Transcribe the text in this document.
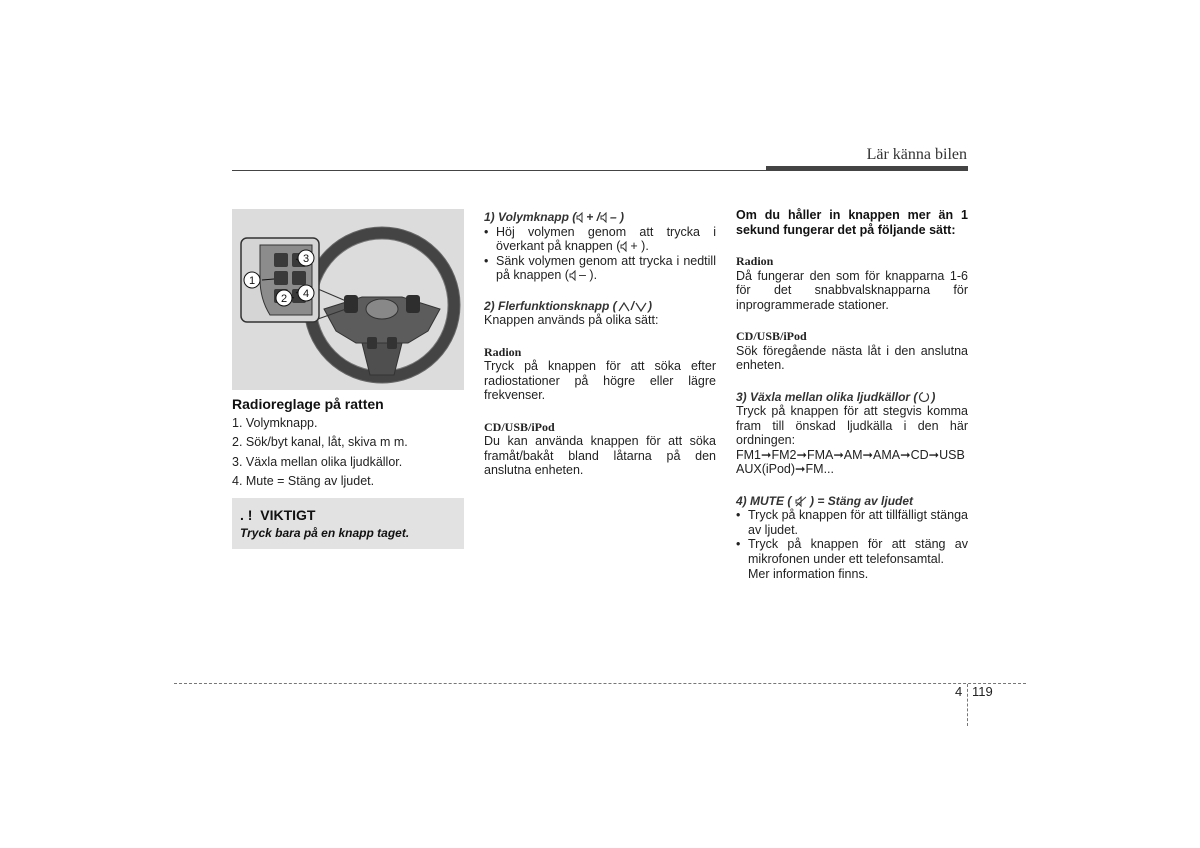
Lär känna bilen
1
2
3
4
Radioreglage på ratten
1. Volymknapp.
2. Sök/byt kanal, låt, skiva m m.
3. Växla mellan olika ljudkällor.
4. Mute = Stäng av ljudet.
. ! VIKTIGT
Tryck bara på en knapp taget.
1) Volymknapp ( + / – )
• Höj volymen genom att trycka i överkant på knappen ( + ).
• Sänk volymen genom att trycka i nedtill på knappen ( – ).
2) Flerfunktionsknapp ( / )
Knappen används på olika sätt:
Radion
Tryck på knappen för att söka efter radiostationer på högre eller lägre frekvenser.
CD/USB/iPod
Du kan använda knappen för att söka framåt/bakåt bland låtarna på den anslutna enheten.
Om du håller in knappen mer än 1 sekund fungerar det på följande sätt:
Radion
Då fungerar den som för knapparna 1-6 för det snabbvalsknapparna för inprogrammerade stationer.
CD/USB/iPod
Sök föregående nästa låt i den anslutna enheten.
3) Växla mellan olika ljudkällor ( )
Tryck på knappen för att stegvis komma fram till önskad ljudkälla i den här ordningen:
FM1➞FM2➞FMA➞AM➞AMA➞CD➞USB
AUX(iPod)➞FM...
4) MUTE ( ) = Stäng av ljudet
• Tryck på knappen för att tillfälligt stänga av ljudet.
• Tryck på knappen för att stäng av mikrofonen under ett telefonsamtal.
Mer information finns.
4 119
